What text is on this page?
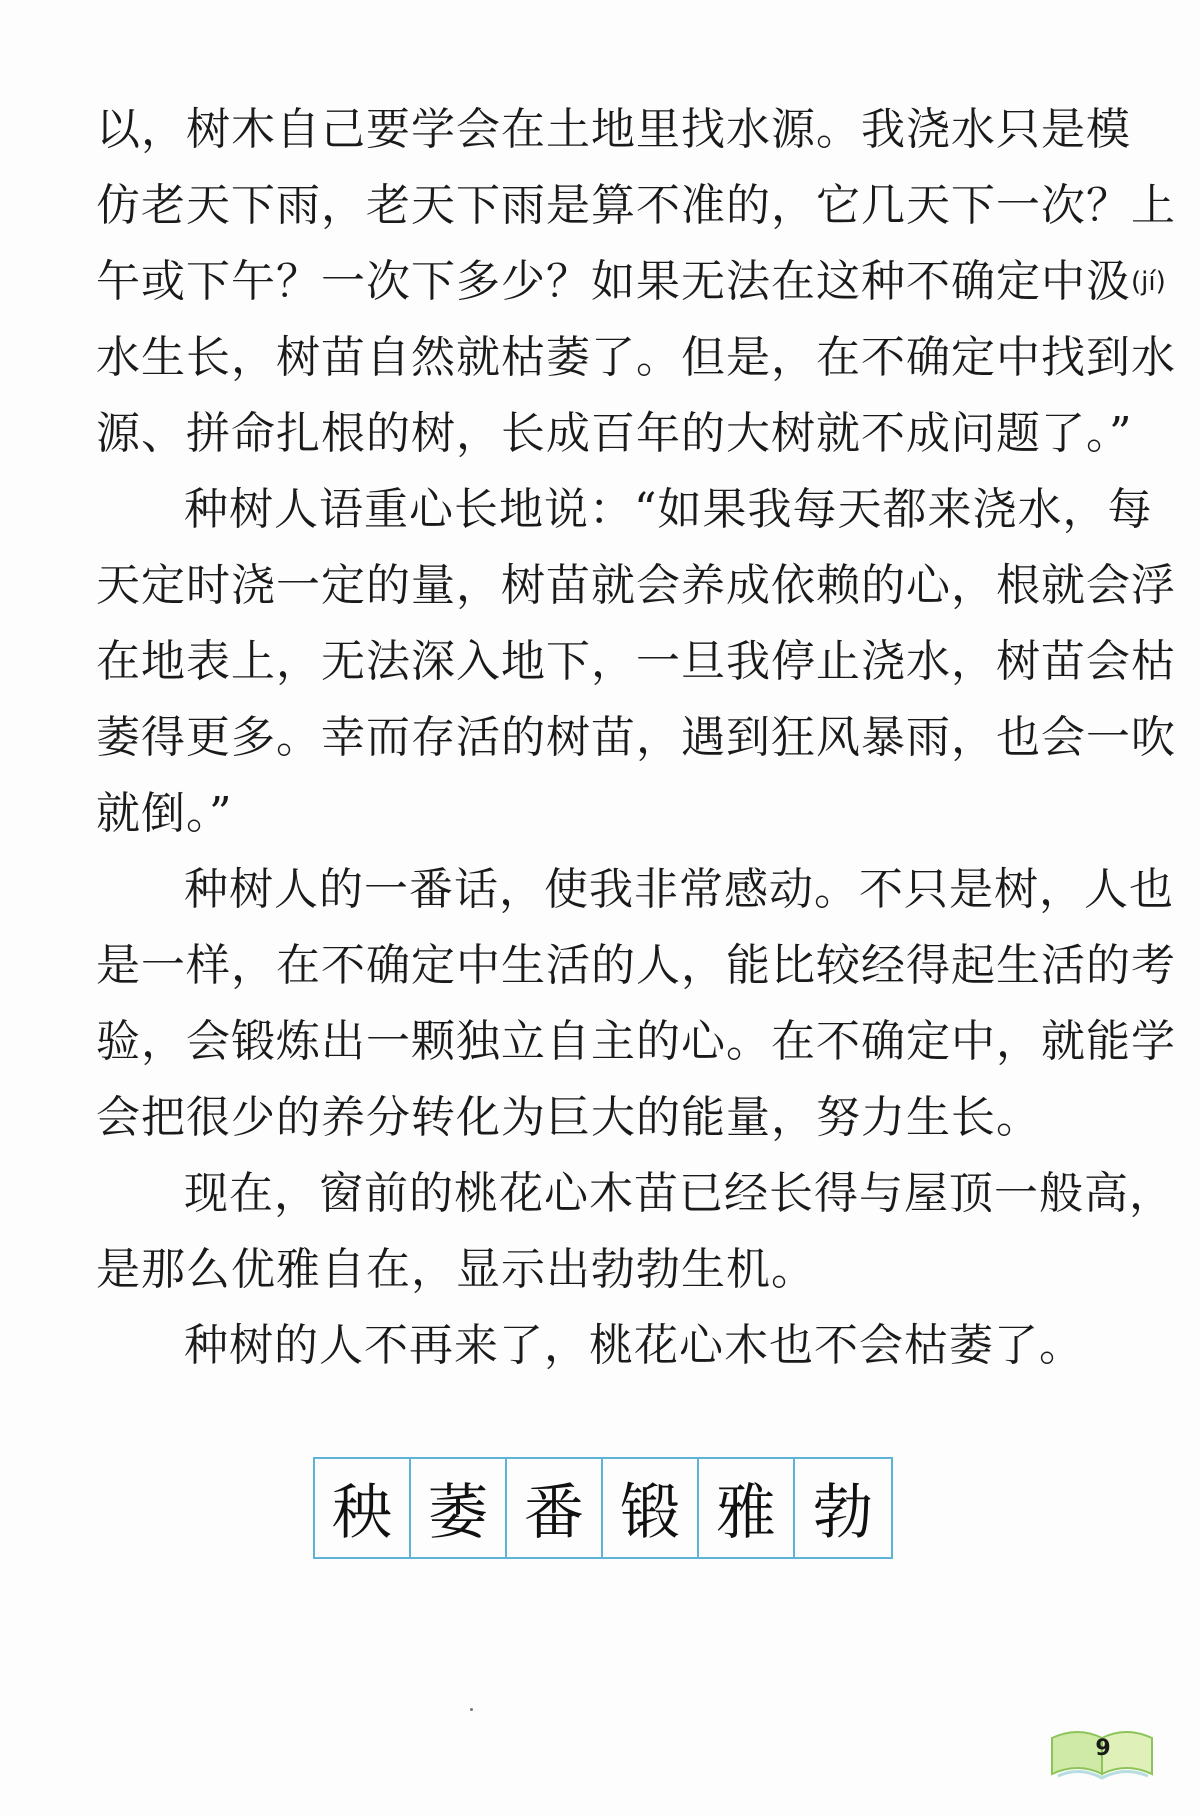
以，树木自己要学会在土地里找水源。我浇水只是模
仿老天下雨，老天下雨是算不准的，它几天下一次？上
午或下午？一次下多少？如果无法在这种不确定中汲(jí)
水生长，树苗自然就枯萎了。但是，在不确定中找到水
源、拼命扎根的树，长成百年的大树就不成问题了。”
种树人语重心长地说：“如果我每天都来浇水，每
天定时浇一定的量，树苗就会养成依赖的心，根就会浮
在地表上，无法深入地下，一旦我停止浇水，树苗会枯
萎得更多。幸而存活的树苗，遇到狂风暴雨，也会一吹
就倒。”
种树人的一番话，使我非常感动。不只是树，人也
是一样，在不确定中生活的人，能比较经得起生活的考
验，会锻炼出一颗独立自主的心。在不确定中，就能学
会把很少的养分转化为巨大的能量，努力生长。
现在，窗前的桃花心木苗已经长得与屋顶一般高，
是那么优雅自在，显示出勃勃生机。
种树的人不再来了，桃花心木也不会枯萎了。
秧 萎 番 锻 雅 勃
9
